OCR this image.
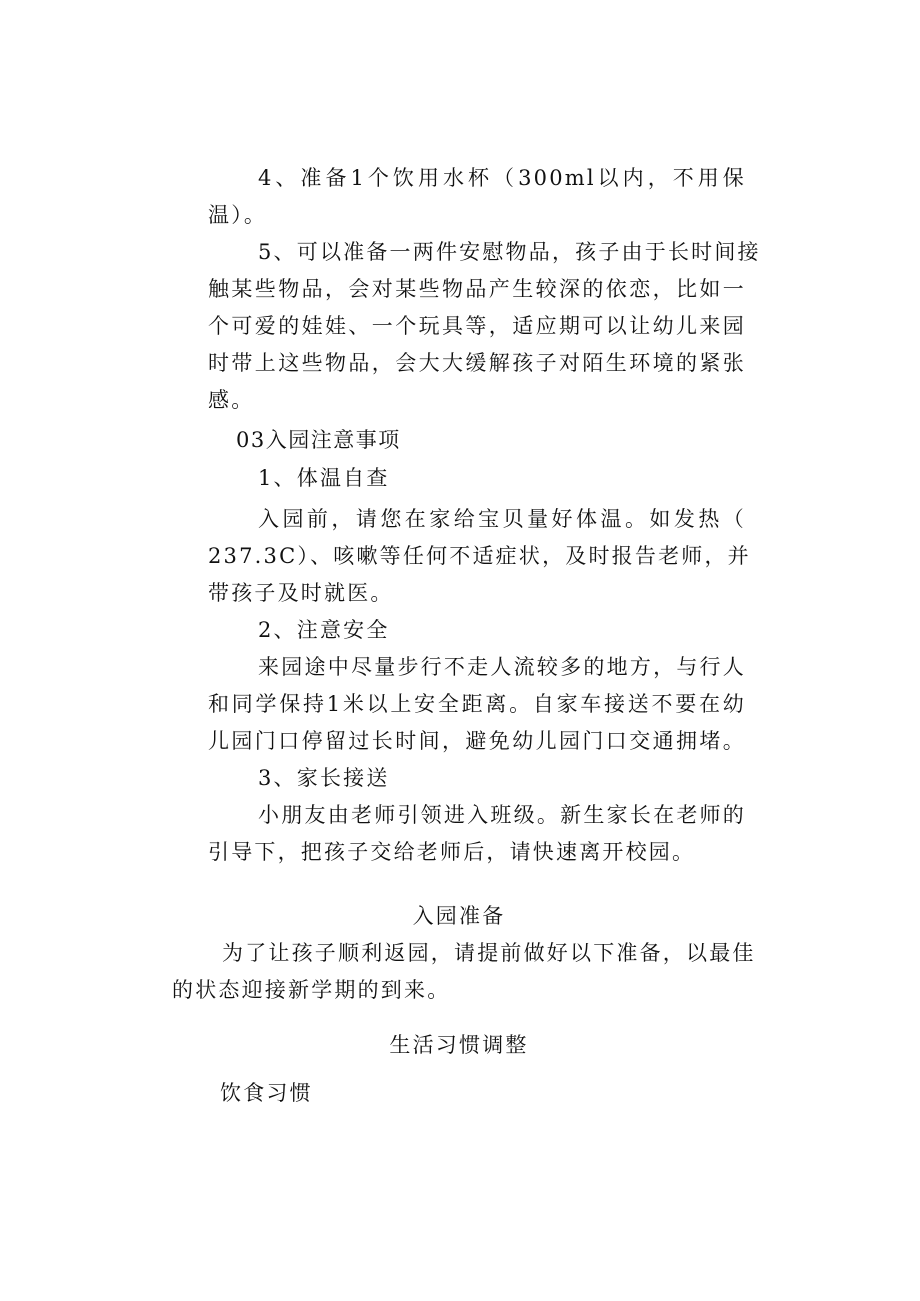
4、准备1个饮用水杯（300ml以内，不用保
温）。
5、可以准备一两件安慰物品，孩子由于长时间接
触某些物品，会对某些物品产生较深的依恋，比如一
个可爱的娃娃、一个玩具等，适应期可以让幼儿来园
时带上这些物品，会大大缓解孩子对陌生环境的紧张
感。
03入园注意事项
1、体温自查
入园前，请您在家给宝贝量好体温。如发热（
237.3C）、咳嗽等任何不适症状，及时报告老师，并
带孩子及时就医。
2、注意安全
来园途中尽量步行不走人流较多的地方，与行人
和同学保持1米以上安全距离。自家车接送不要在幼
儿园门口停留过长时间，避免幼儿园门口交通拥堵。
3、家长接送
小朋友由老师引领进入班级。新生家长在老师的
引导下，把孩子交给老师后，请快速离开校园。
入园准备
为了让孩子顺利返园，请提前做好以下准备，以最佳
的状态迎接新学期的到来。
生活习惯调整
饮食习惯
